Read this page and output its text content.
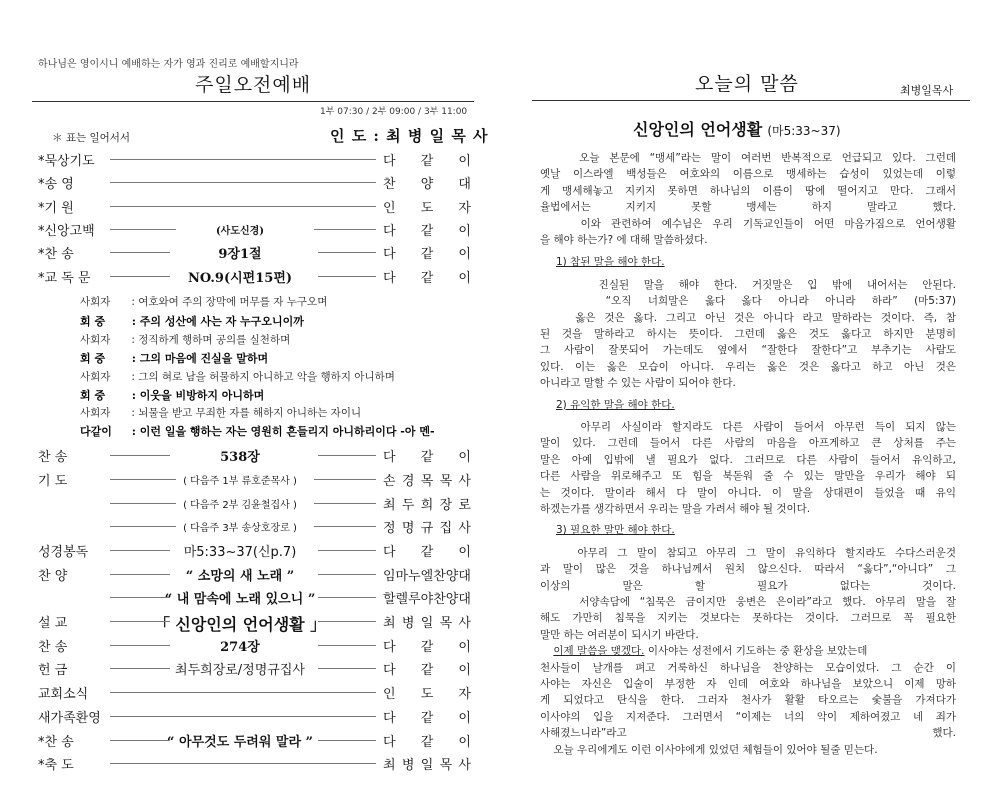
하나님은 영이시니 예배하는 자가 영과 진리로 예배할지니라
주일오전예배
1부 07:30 / 2부 09:00 / 3부 11:00
＊ 표는 일어서서	인 도 : 최 병 일 목 사
*묵상기도	다 같 이
*송 영	찬 양 대
*기 원	인 도 자
*신앙고백	(사도신경)	다 같 이
*찬 송	9장1절	다 같 이
*교 독 문	NO.9(시편15편)	다 같 이
사회자 : 여호와여 주의 장막에 머무를 자 누구오며
회 중 : 주의 성산에 사는 자 누구오니이까
사회자 : 정직하게 행하며 공의를 실천하며
회 중 : 그의 마음에 진실을 말하며
사회자 : 그의 혀로 남을 허물하지 아니하고 악을 행하지 아니하며
회 중 : 이웃을 비방하지 아니하며
사회자 : 뇌물을 받고 무죄한 자를 해하지 아니하는 자이니
다같이 : 이런 일을 행하는 자는 영원히 흔들리지 아니하리이다 -아 멘-
찬 송	538장	다 같 이
기 도	( 다음주 1부 류호준목사 )	손 경 목 목 사
( 다음주 2부 김윤철집사 )	최 두 희 장 로
( 다음주 3부 송상호장로 )	정 명 규 집 사
성경봉독	마5:33~37(신p.7)	다 같 이
찬 양	“ 소망의 새 노래 ”	임마누엘찬양대
“ 내 맘속에 노래 있으니 ”	할렐루야찬양대
설 교	「 신앙인의 언어생활 」	최 병 일 목 사
찬 송	274장	다 같 이
헌 금	최두희장로/정명규집사	다 같 이
교회소식	인 도 자
새가족환영	다 같 이
*찬 송	“ 아무것도 두려워 말라 ”	다 같 이
*축 도	최 병 일 목 사
오늘의 말씀	최병일목사
신앙인의 언어생활 (마5:33~37)
오늘 본문에 “맹세”라는 말이 여러번 반복적으로 언급되고 있다. 그런데
옛날 이스라엘 백성들은 여호와의 이름으로 맹세하는 습성이 있었는데 이렇
게 맹세해놓고 지키지 못하면 하나님의 이름이 땅에 떨어지고 만다. 그래서
율법에서는 지키지 못할 맹세는 하지 말라고 했다.
이와 관련하여 예수님은 우리 기독교인들이 어떤 마음가짐으로 언어생활
을 해야 하는가? 에 대해 말씀하셨다.
1) 참된 말을 해야 한다.
진실된 말을 해야 한다. 거짓말은 입 밖에 내어서는 안된다.
“오직 너희말은 옳다 옳다 아니라 아니라 하라” (마5:37)
옳은 것은 옳다. 그리고 아닌 것은 아니다 라고 말하라는 것이다. 즉, 참
된 것을 말하라고 하시는 뜻이다. 그런데 옳은 것도 옳다고 하지만 분명히
그 사람이 잘못되어 가는데도 옆에서 “잘한다 잘한다”고 부추기는 사람도
있다. 이는 옳은 모습이 아니다. 우리는 옳은 것은 옳다고 하고 아닌 것은
아니라고 말할 수 있는 사람이 되어야 한다.
2) 유익한 말을 해야 한다.
아무리 사실이라 할지라도 다른 사람이 들어서 아무런 득이 되지 않는
말이 있다. 그런데 들어서 다른 사람의 마음을 아프게하고 큰 상처를 주는
말은 아예 입밖에 낼 필요가 없다. 그러므로 다른 사람이 들어서 유익하고,
다른 사람을 위로해주고 또 힘을 북돋워 줄 수 있는 말만을 우리가 해야 되
는 것이다. 말이라 해서 다 말이 아니다. 이 말을 상대편이 들었을 때 유익
하겠는가를 생각하면서 우리는 말을 가려서 해야 될 것이다.
3) 필요한 말만 해야 한다.
아무리 그 말이 참되고 아무리 그 말이 유익하다 할지라도 수다스러운것
과 말이 많은 것을 하나님께서 원치 않으신다. 따라서 “옳다”,“아니다” 그
이상의 말은 할 필요가 없다는 것이다.
서양속담에 “침묵은 금이지만 웅변은 은이라”라고 했다. 아무리 말을 잘
해도 가만히 침묵을 지키는 것보다는 못하다는 것이다. 그러므로 꼭 필요한
말만 하는 여러분이 되시기 바란다.
이제 말씀을 맺겠다. 이사야는 성전에서 기도하는 중 환상을 보았는데
천사들이 날개를 펴고 거룩하신 하나님을 찬양하는 모습이었다. 그 순간 이
사야는 자신은 입술이 부정한 자 인데 여호와 하나님을 보았으니 이제 망하
게 되었다고 탄식을 한다. 그러자 천사가 활활 타오르는 숯불을 가져다가
이사야의 입을 지져준다. 그러면서 “이제는 너의 악이 제하여졌고 네 죄가
사해졌느니라”라고 했다.
오늘 우리에게도 이런 이사야에게 있었던 체험들이 있어야 될줄 믿는다.
